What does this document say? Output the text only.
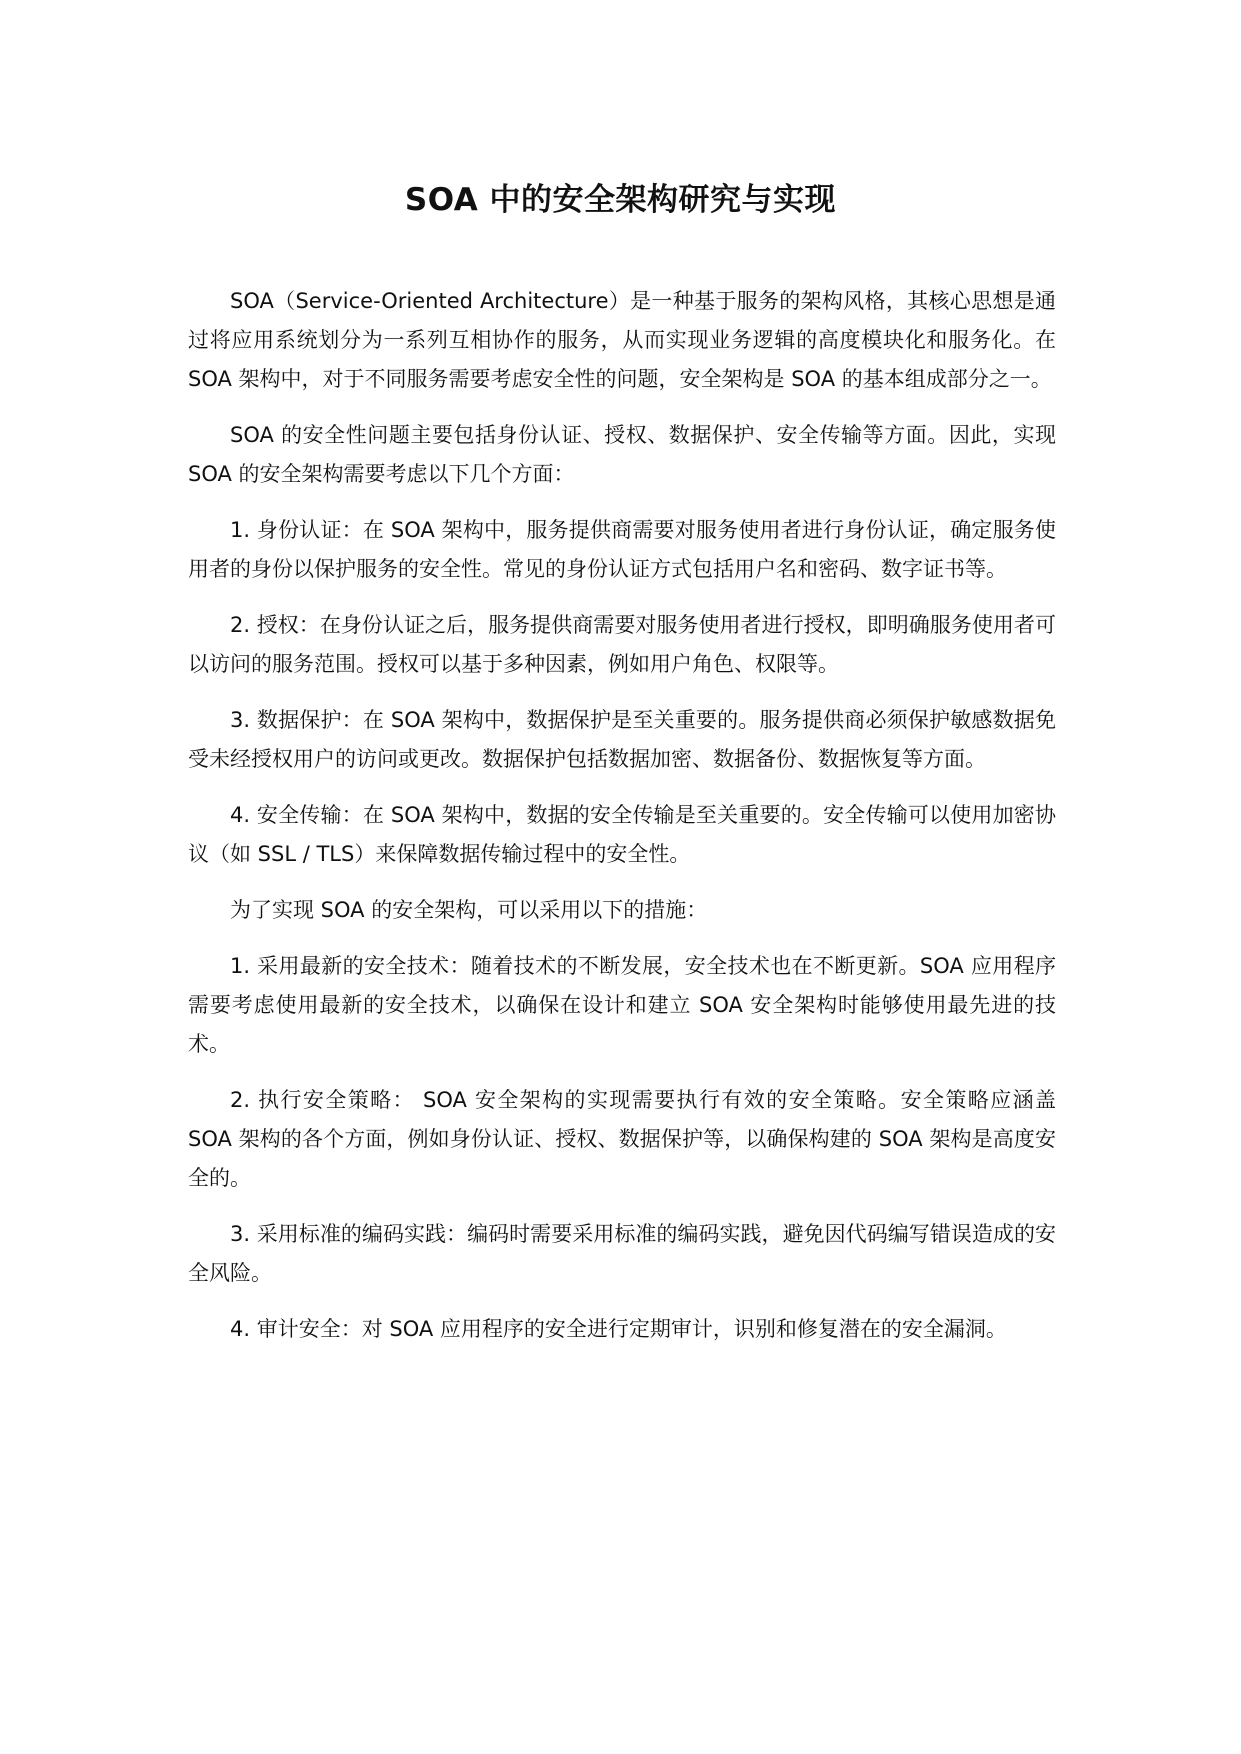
SOA 中的安全架构研究与实现

SOA（Service-Oriented Architecture）是一种基于服务的架构风格，其核心思想是通过将应用系统划分为一系列互相协作的服务，从而实现业务逻辑的高度模块化和服务化。在 SOA 架构中，对于不同服务需要考虑安全性的问题，安全架构是 SOA 的基本组成部分之一。

SOA 的安全性问题主要包括身份认证、授权、数据保护、安全传输等方面。因此，实现 SOA 的安全架构需要考虑以下几个方面：

1. 身份认证：在 SOA 架构中，服务提供商需要对服务使用者进行身份认证，确定服务使用者的身份以保护服务的安全性。常见的身份认证方式包括用户名和密码、数字证书等。

2. 授权：在身份认证之后，服务提供商需要对服务使用者进行授权，即明确服务使用者可以访问的服务范围。授权可以基于多种因素，例如用户角色、权限等。

3. 数据保护：在 SOA 架构中，数据保护是至关重要的。服务提供商必须保护敏感数据免受未经授权用户的访问或更改。数据保护包括数据加密、数据备份、数据恢复等方面。

4. 安全传输：在 SOA 架构中，数据的安全传输是至关重要的。安全传输可以使用加密协议（如 SSL / TLS）来保障数据传输过程中的安全性。

为了实现 SOA 的安全架构，可以采用以下的措施：

1. 采用最新的安全技术：随着技术的不断发展，安全技术也在不断更新。SOA 应用程序需要考虑使用最新的安全技术，以确保在设计和建立 SOA 安全架构时能够使用最先进的技术。

2. 执行安全策略： SOA 安全架构的实现需要执行有效的安全策略。安全策略应涵盖 SOA 架构的各个方面，例如身份认证、授权、数据保护等，以确保构建的 SOA 架构是高度安全的。

3. 采用标准的编码实践：编码时需要采用标准的编码实践，避免因代码编写错误造成的安全风险。

4. 审计安全：对 SOA 应用程序的安全进行定期审计，识别和修复潜在的安全漏洞。
